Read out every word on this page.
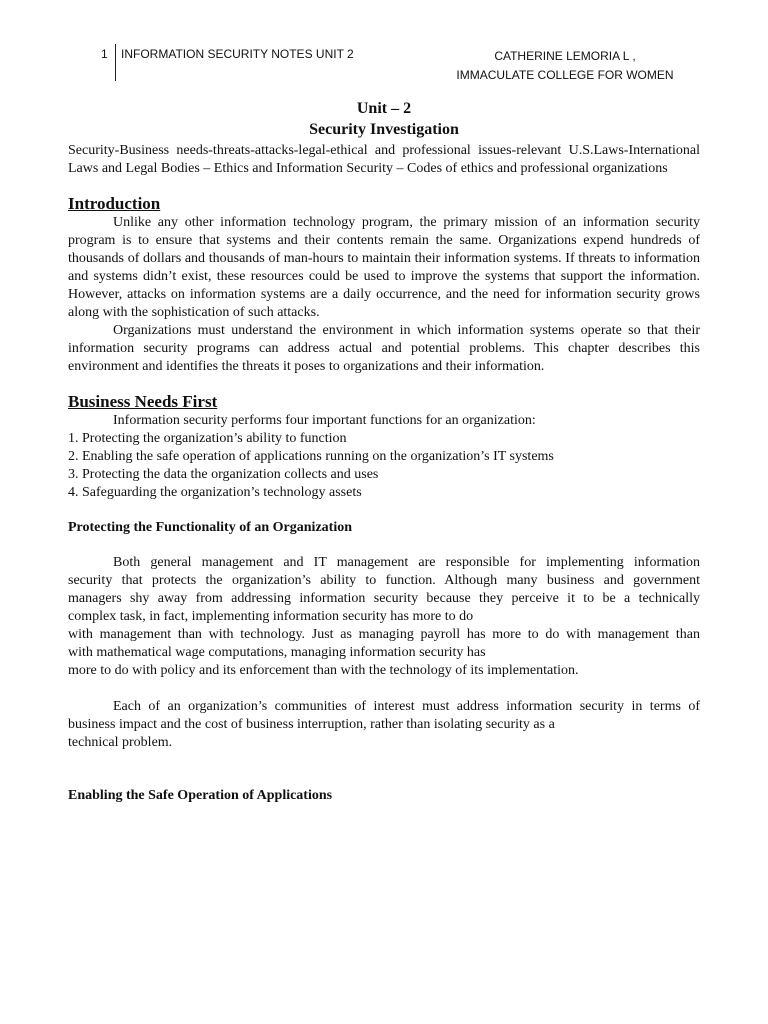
1 INFORMATION SECURITY NOTES UNIT 2	CATHERINE LEMORIA L ,
IMMACULATE COLLEGE FOR WOMEN
Unit – 2
Security Investigation
Security-Business needs-threats-attacks-legal-ethical and professional issues-relevant U.S.Laws-International Laws and Legal Bodies – Ethics and Information Security – Codes of ethics and professional organizations
Introduction

Unlike any other information technology program, the primary mission of an information security program is to ensure that systems and their contents remain the same. Organizations expend hundreds of thousands of dollars and thousands of man-hours to maintain their information systems. If threats to information and systems didn’t exist, these resources could be used to improve the systems that support the information. However, attacks on information systems are a daily occurrence, and the need for information security grows along with the sophistication of such attacks.

Organizations must understand the environment in which information systems operate so that their information security programs can address actual and potential problems. This chapter describes this environment and identifies the threats it poses to organizations and their information.

Business Needs First

Information security performs four important functions for an organization:

1. Protecting the organization’s ability to function
2. Enabling the safe operation of applications running on the organization’s IT systems
3. Protecting the data the organization collects and uses
4. Safeguarding the organization’s technology assets
Protecting the Functionality of an Organization
Both general management and IT management are responsible for implementing information
security that protects the organization’s ability to function. Although many business and government
managers shy away from addressing information security because they perceive it to be a technically
complex task, in fact, implementing information security has more to do
with management than with technology. Just as managing payroll has more to do with management than
with mathematical wage computations, managing information security has
more to do with policy and its enforcement than with the technology of its implementation.
Each of an organization’s communities of interest must address information security in terms of
business impact and the cost of business interruption, rather than isolating security as a
technical problem.
Enabling the Safe Operation of Applications
